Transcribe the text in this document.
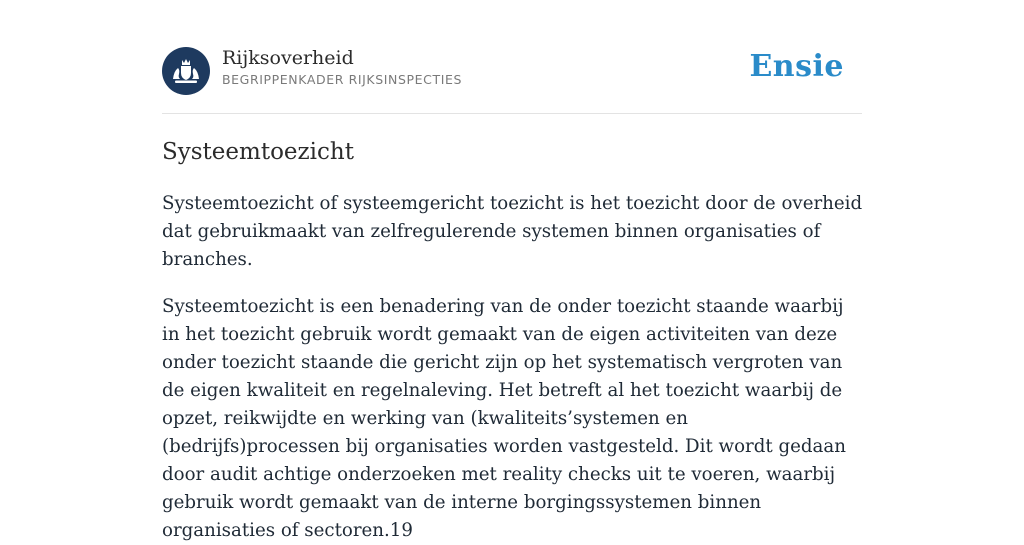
Rijksoverheid
BEGRIPPENKADER RIJKSINSPECTIES	Ensie
Systeemtoezicht

Systeemtoezicht of systeemgericht toezicht is het toezicht door de overheid dat gebruikmaakt van zelfregulerende systemen binnen organisaties of branches.

Systeemtoezicht is een benadering van de onder toezicht staande waarbij in het toezicht gebruik wordt gemaakt van de eigen activiteiten van deze onder toezicht staande die gericht zijn op het systematisch vergroten van de eigen kwaliteit en regelnaleving. Het betreft al het toezicht waarbij de opzet, reikwijdte en werking van (kwaliteits’systemen en (bedrijfs)processen bij organisaties worden vastgesteld. Dit wordt gedaan door audit achtige onderzoeken met reality checks uit te voeren, waarbij gebruik wordt gemaakt van de interne borgingssystemen binnen organisaties of sectoren.19
